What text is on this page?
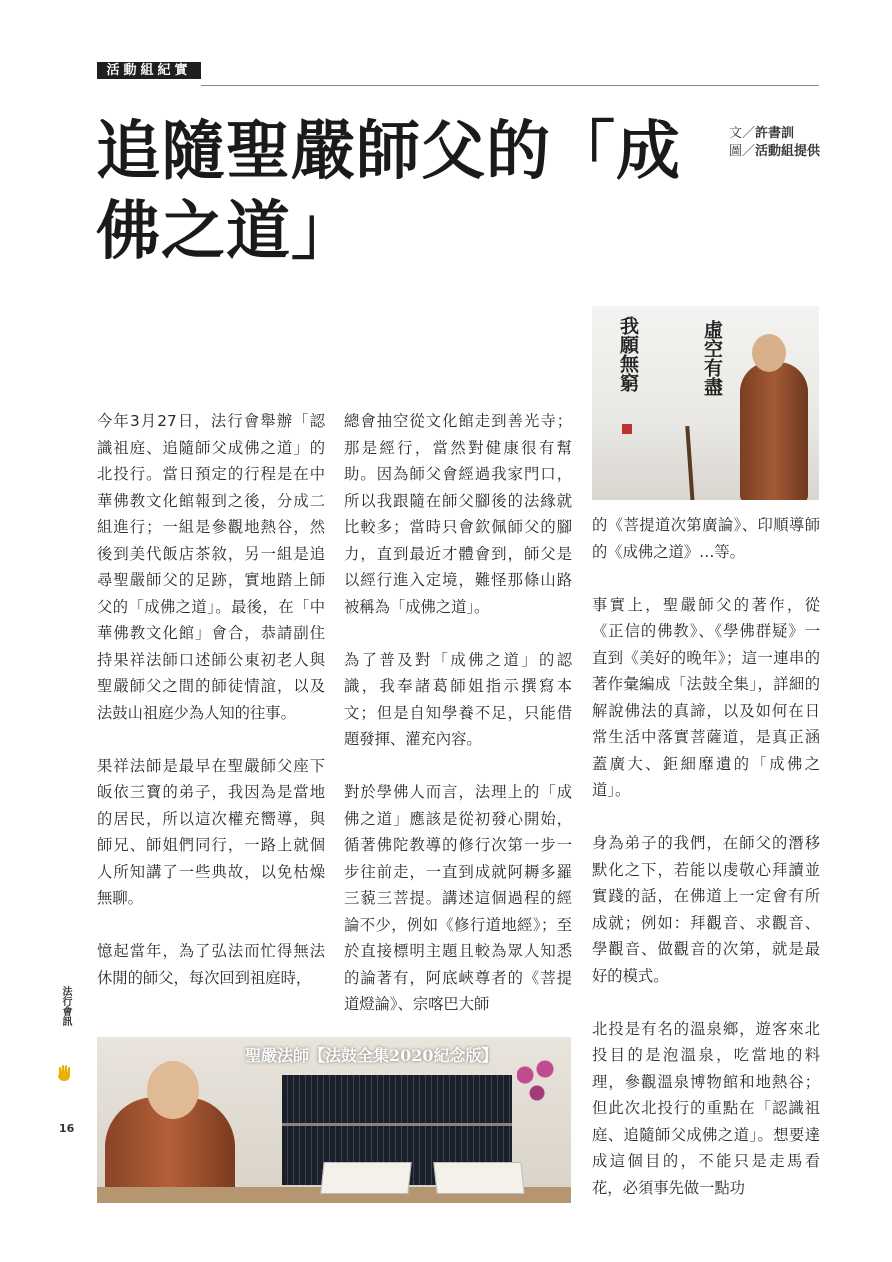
活動組紀實
追隨聖嚴師父的「成佛之道」
文／許書訓
圖／活動組提供
虛空有盡
我願無窮

今年3月27日，法行會舉辦「認識祖庭、追隨師父成佛之道」的北投行。當日預定的行程是在中華佛教文化館報到之後，分成二組進行；一組是參觀地熱谷，然後到美代飯店茶敘，另一組是追尋聖嚴師父的足跡，實地踏上師父的「成佛之道」。最後，在「中華佛教文化館」會合，恭請副住持果祥法師口述師公東初老人與聖嚴師父之間的師徒情誼，以及法鼓山祖庭少為人知的往事。

果祥法師是最早在聖嚴師父座下皈依三寶的弟子，我因為是當地的居民，所以這次權充嚮導，與師兄、師姐們同行，一路上就個人所知講了一些典故，以免枯燥無聊。

憶起當年，為了弘法而忙得無法休閒的師父，每次回到祖庭時，

總會抽空從文化館走到善光寺；那是經行，當然對健康很有幫助。因為師父會經過我家門口，所以我跟隨在師父腳後的法緣就比較多；當時只會欽佩師父的腳力，直到最近才體會到，師父是以經行進入定境，難怪那條山路被稱為「成佛之道」。

為了普及對「成佛之道」的認識，我奉諸葛師姐指示撰寫本文；但是自知學養不足，只能借題發揮、灌充內容。

對於學佛人而言，法理上的「成佛之道」應該是從初發心開始，循著佛陀教導的修行次第一步一步往前走，一直到成就阿耨多羅三藐三菩提。講述這個過程的經論不少，例如《修行道地經》；至於直接標明主題且較為眾人知悉的論著有，阿底峽尊者的《菩提道燈論》、宗喀巴大師

的《菩提道次第廣論》、印順導師的《成佛之道》…等。

事實上，聖嚴師父的著作，從《正信的佛教》、《學佛群疑》一直到《美好的晚年》；這一連串的著作彙編成「法鼓全集」，詳細的解說佛法的真諦，以及如何在日常生活中落實菩薩道，是真正涵蓋廣大、鉅細靡遺的「成佛之道」。

身為弟子的我們，在師父的潛移默化之下，若能以虔敬心拜讀並實踐的話，在佛道上一定會有所成就；例如：拜觀音、求觀音、學觀音、做觀音的次第，就是最好的模式。

北投是有名的溫泉鄉，遊客來北投目的是泡溫泉，吃當地的料理，參觀溫泉博物館和地熱谷；但此次北投行的重點在「認識祖庭、追隨師父成佛之道」。想要達成這個目的，不能只是走馬看花，必須事先做一點功

聖嚴法師【法鼓全集2020紀念版】
法行會訊
16
